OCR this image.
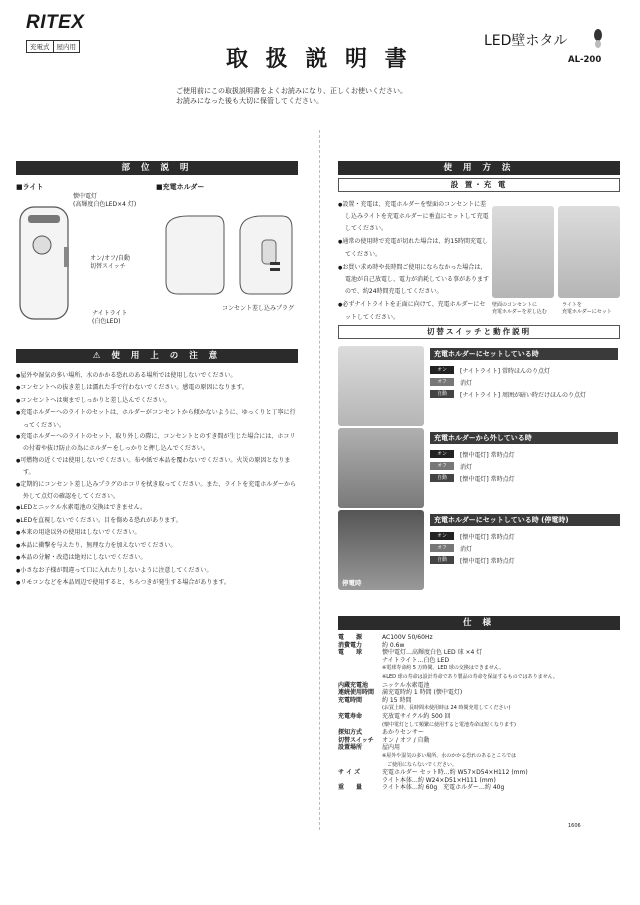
RITEX
充電式	屋内用	取 扱 説 明 書
LED壁ホタル
AL-200
ご使用前にこの取扱説明書をよくお読みになり、正しくお使いください。
お読みになった後も大切に保管してください。
部 位 説 明
■ライト	■充電ホルダー
懐中電灯
(高輝度白色LED×4 灯)
オン/オフ/自動
切替スイッチ
ナイトライト
(白色LED)
コンセント差し込みプラグ
⚠ 使 用 上 の 注 意
● 屋外や湿気の多い場所、水のかかる恐れのある場所では使用しないでください。
● コンセントへの抜き差しは濡れた手で行わないでください。感電の原因になります。
● コンセントへは奥までしっかりと差し込んでください。
● 充電ホルダーへのライトのセットは、ホルダーがコンセントから傾かないように、ゆっくりと丁寧に行ってください。
● 充電ホルダーへのライトのセット、取り外しの際に、コンセントとのすき間が生じた場合には、ホコリの付着や抜け防止の為にホルダーをしっかりと押し込んでください。
● 可燃物の近くでは使用しないでください。布や紙で本品を覆わないでください。火災の原因となります。
● 定期的にコンセント差し込みプラグのホコリを拭き取ってください。また、ライトを充電ホルダーから外して点灯の確認をしてください。
● LEDとニッケル水素電池の交換はできません。
● LEDを直視しないでください。目を傷める恐れがあります。
● 本来の用途以外の使用はしないでください。
● 本品に衝撃を与えたり、無理な力を加えないでください。
● 本品の分解・改造は絶対にしないでください。
● 小さなお子様が間違って口に入れたりしないように注意してください。
● リモコンなどを本品周辺で使用すると、ちらつきが発生する場合があります。
使 用 方 法
設 置・充 電
● 設置・充電は、充電ホルダーを壁面のコンセントに差し込みライトを充電ホルダーに垂直にセットして充電してください。
● 通常の使用時で充電が切れた場合は、約15時間充電してください。
● お買い求め時や長時間ご使用にならなかった場合は、電池が自己放電し、電力が消耗している事がありますので、約24時間充電してください。
● 必ずナイトライトを正面に向けて、充電ホルダーにセットしてください。
壁面のコンセントに
充電ホルダーを差し込む
ライトを
充電ホルダーにセット
切替スイッチと動作説明
充電ホルダーにセットしている時
オン	[ナイトライト] 常時ほんのり点灯
オフ	消灯
自動	[ナイトライト] 周囲が暗い時だけほんのり点灯
充電ホルダーから外している時
オン	[懐中電灯] 常時点灯
オフ	消灯
自動	[懐中電灯] 常時点灯
停電時
充電ホルダーにセットしている時 (停電時)
オン	[懐中電灯] 常時点灯
オフ	消灯
自動	[懐中電灯] 常時点灯
仕 様
電　　源	AC100V 50/60Hz
消費電力	約 0.6w
電　　球	懐中電灯…高輝度白色 LED 球 ×4 灯
ナイトライト…白色 LED
※電球寿命約 5 万時間。LED 球の交換はできません。
※LED 球の寿命は設計寿命であり製品の寿命を保証するものではありません。
内蔵充電池 ニッケル水素電池
連続使用時間 満充電時約 1 時間 (懐中電灯)
充電時間	約 15 時間
(お買上時、長時間未使用時は 24 時間充電してください)
充電寿命	充放電サイクル約 500 回
(懐中電灯として頻繁に使用すると電池寿命は短くなります)
探知方式	あかりセンサー
切替スイッチ オン / オフ / 自動
設置場所	屋内用
※屋外や湿気の多い場所、水のかかる恐れのあるところでは
　ご使用にならないでください。
サ イ ズ	充電ホルダー セット時…約 W57×D54×H112 (mm)
ライト本体…約 W24×D51×H111 (mm)
重　　量	ライト本体…約 60g　充電ホルダー…約 40g
1606
